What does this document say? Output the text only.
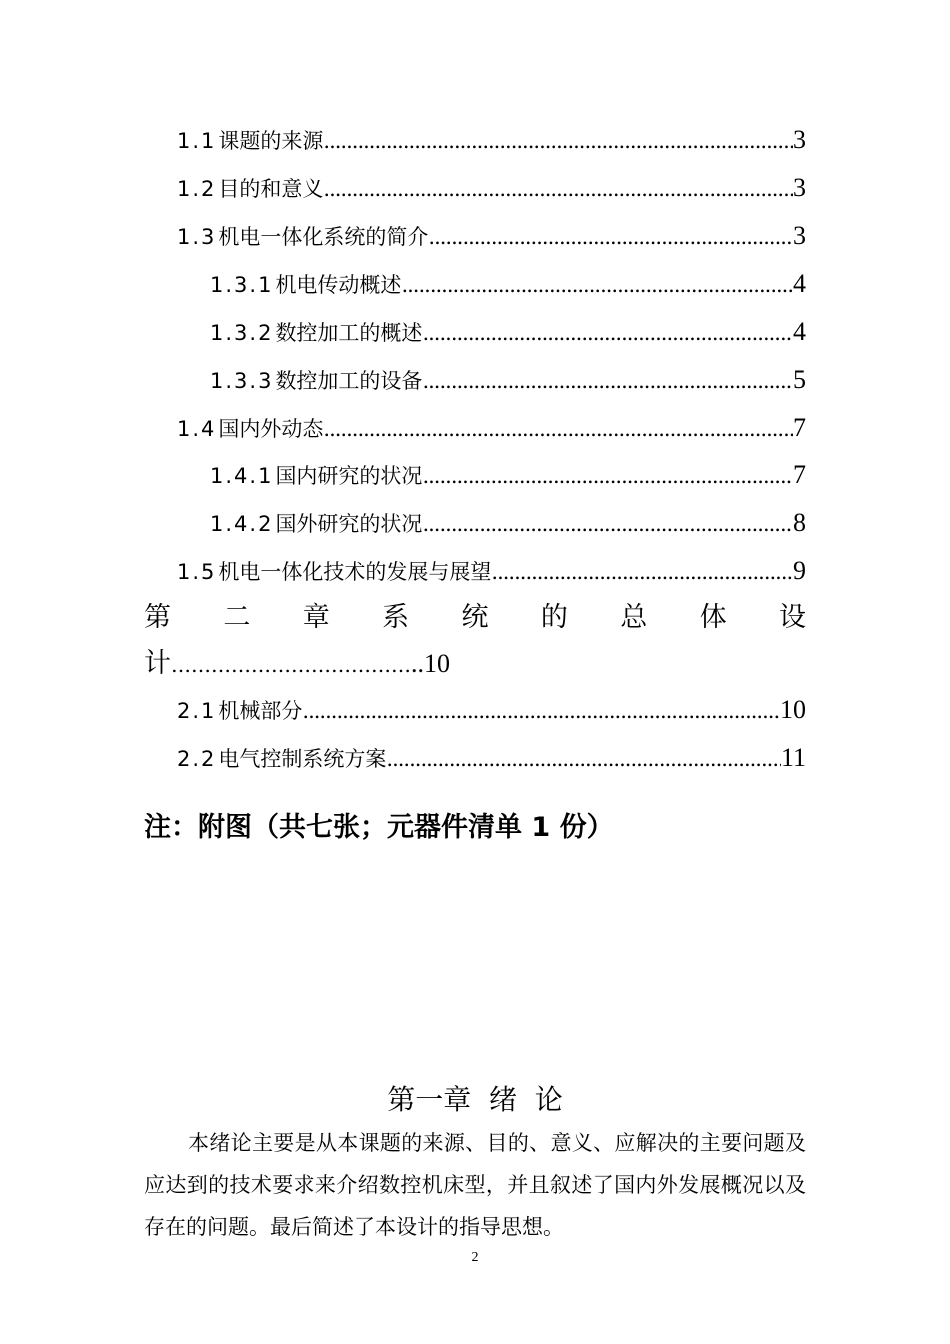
1.1课题的来源 .....	3
1.2目的和意义 .....	3
1.3机电一体化系统的简介 .....	3
1.3.1机电传动概述 .....	4
1.3.2数控加工的概述 .....	4
1.3.3数控加工的设备 .....	5
1.4国内外动态 .....	7
1.4.1国内研究的状况 .....	7
1.4.2国外研究的状况 .....	8
1.5机电一体化技术的发展与展望 .....	9
第 二 章 系 统 的 总 体 设
计………………………………..10
2.1机械部分 .....	10
2.2电气控制系统方案 .....	11
注：附图（共七张；元器件清单 1 份）
第一章  绪  论
本绪论主要是从本课题的来源、目的、意义、应解决的主要问题及应达到的技术要求来介绍数控机床型，并且叙述了国内外发展概况以及存在的问题。最后简述了本设计的指导思想。
2
